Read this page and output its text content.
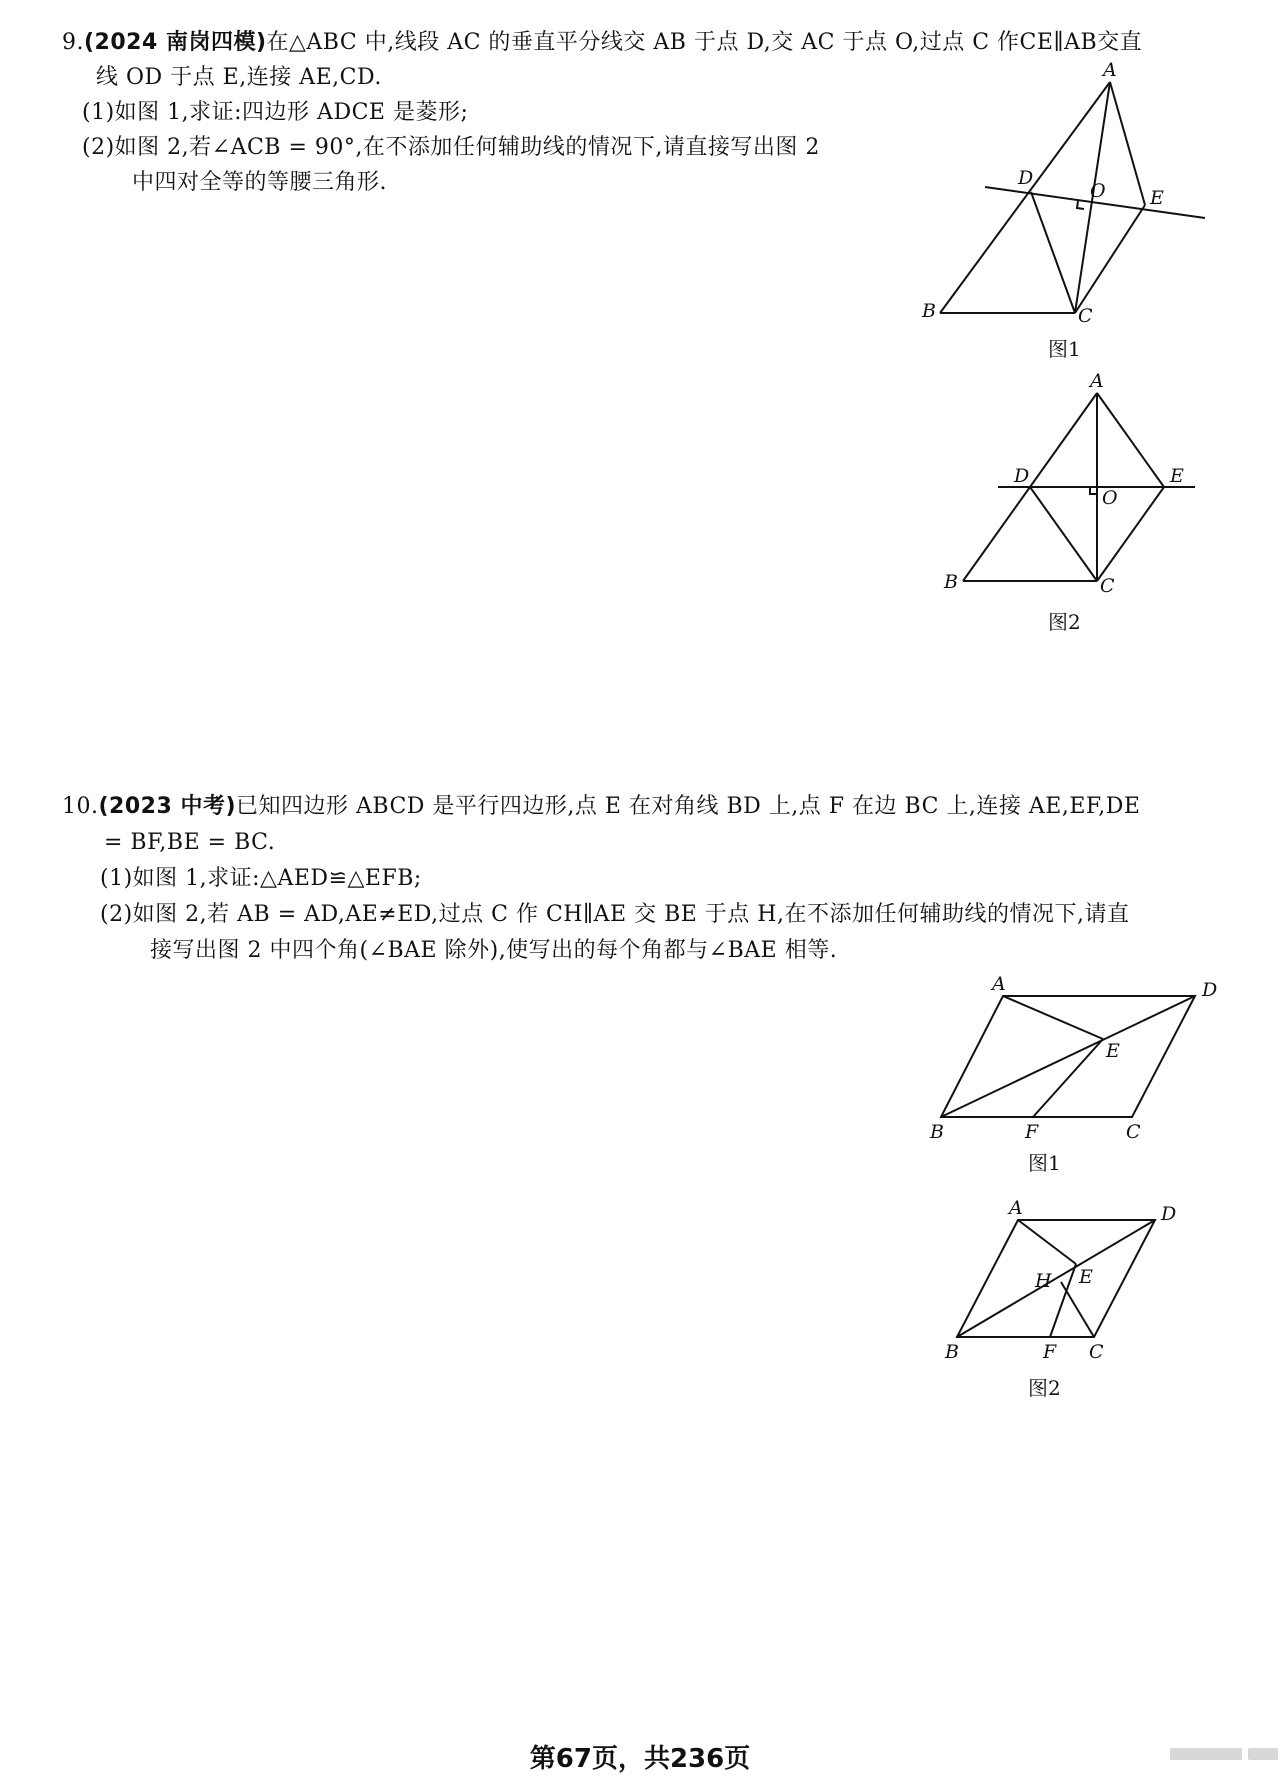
9.(2024 南岗四模)在△ABC 中,线段 AC 的垂直平分线交 AB 于点 D,交 AC 于点 O,过点 C 作CE∥AB交直
线 OD 于点 E,连接 AE,CD.
(1)如图 1,求证:四边形 ADCE 是菱形;
(2)如图 2,若∠ACB = 90°,在不添加任何辅助线的情况下,请直接写出图 2
中四对全等的等腰三角形.
A
B	C
D
E
O
图1
A
B	C
D	E
O
图2
10.(2023 中考)已知四边形 ABCD 是平行四边形,点 E 在对角线 BD 上,点 F 在边 BC 上,连接 AE,EF,DE
= BF,BE = BC.
(1)如图 1,求证:△AED≌△EFB;
(2)如图 2,若 AB = AD,AE≠ED,过点 C 作 CH∥AE 交 BE 于点 H,在不添加任何辅助线的情况下,请直
接写出图 2 中四个角(∠BAE 除外),使写出的每个角都与∠BAE 相等.
A	D
B	C
E
F
图1
A	D
B	C
E
H
F
图2
第67页，共236页
